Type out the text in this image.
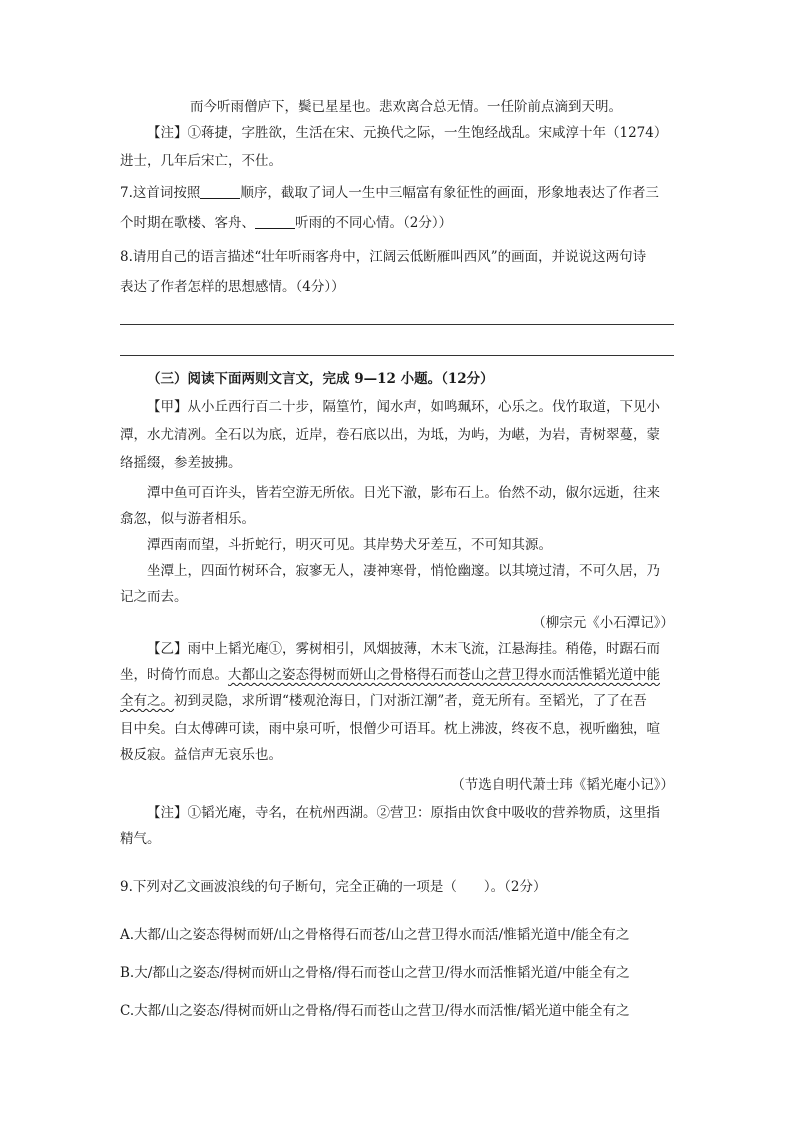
而今听雨僧庐下，鬓已星星也。悲欢离合总无情。一任阶前点滴到天明。
【注】①蒋捷，字胜欲，生活在宋、元换代之际，一生饱经战乱。宋咸淳十年（1274）
进士，几年后宋亡，不仕。
7.这首词按照	顺序，截取了词人一生中三幅富有象征性的画面，形象地表达了作者三
个时期在歌楼、客舟、	听雨的不同心情。（2分））
8.请用自己的语言描述“壮年听雨客舟中，江阔云低断雁叫西风”的画面，并说说这两句诗
表达了作者怎样的思想感情。（4分））
（三）阅读下面两则文言文，完成 9—12 小题。（12分）
【甲】从小丘西行百二十步，隔篁竹，闻水声，如鸣珮环，心乐之。伐竹取道，下见小
潭，水尤清冽。全石以为底，近岸，卷石底以出，为坻，为屿，为嵁，为岩，青树翠蔓，蒙
络摇缀，参差披拂。
潭中鱼可百许头，皆若空游无所依。日光下澈，影布石上。佁然不动，俶尔远逝，往来
翕忽，似与游者相乐。
潭西南而望，斗折蛇行，明灭可见。其岸势犬牙差互，不可知其源。
坐潭上，四面竹树环合，寂寥无人，凄神寒骨，悄怆幽邃。以其境过清，不可久居，乃
记之而去。
（柳宗元《小石潭记》）
【乙】雨中上韬光庵①，雾树相引，风烟披薄，木末飞流，江悬海挂。稍倦，时踞石而
坐，时倚竹而息。大都山之姿态得树而妍山之骨格得石而苍山之营卫得水而活惟韬光道中能
全有之。初到灵隐，求所谓“楼观沧海日，门对浙江潮”者，竟无所有。至韬光，了了在吾
目中矣。白太傅碑可读，雨中泉可听，恨僧少可语耳。枕上沸波，终夜不息，视听幽独，喧
极反寂。益信声无哀乐也。
（节选自明代萧士玮《韬光庵小记》）
【注】①韬光庵，寺名，在杭州西湖。②营卫：原指由饮食中吸收的营养物质，这里指
精气。
9.下列对乙文画波浪线的句子断句，完全正确的一项是（　　）。（2分）
A.大都/山之姿态得树而妍/山之骨格得石而苍/山之营卫得水而活/惟韬光道中/能全有之
B.大/都山之姿态/得树而妍山之骨格/得石而苍山之营卫/得水而活惟韬光道/中能全有之
C.大都/山之姿态/得树而妍山之骨格/得石而苍山之营卫/得水而活惟/韬光道中能全有之
